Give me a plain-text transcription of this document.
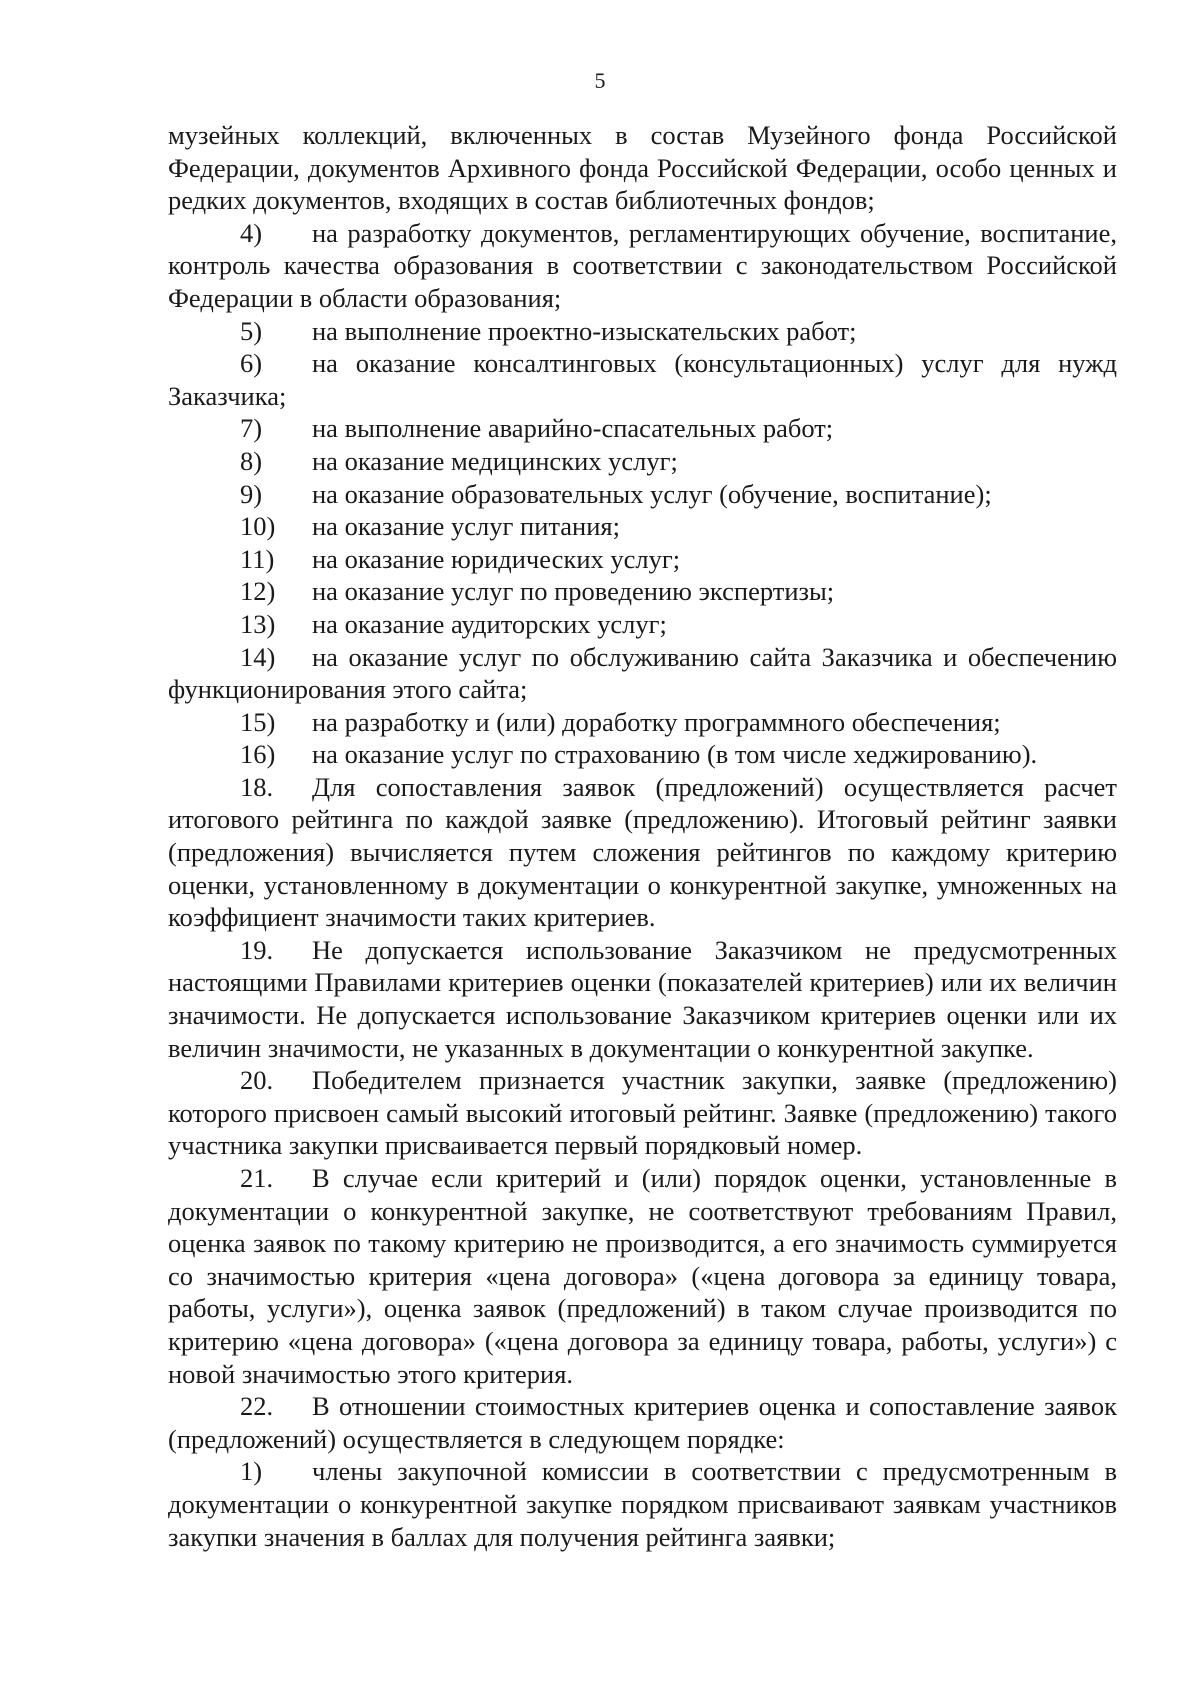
5

музейных коллекций, включенных в состав Музейного фонда Российской Федерации, документов Архивного фонда Российской Федерации, особо ценных и редких документов, входящих в состав библиотечных фондов;

4) на разработку документов, регламентирующих обучение, воспитание, контроль качества образования в соответствии с законодательством Российской Федерации в области образования;

5) на выполнение проектно-изыскательских работ;

6) на оказание консалтинговых (консультационных) услуг для нужд Заказчика;

7) на выполнение аварийно-спасательных работ;

8) на оказание медицинских услуг;

9) на оказание образовательных услуг (обучение, воспитание);

10) на оказание услуг питания;

11) на оказание юридических услуг;

12) на оказание услуг по проведению экспертизы;

13) на оказание аудиторских услуг;

14) на оказание услуг по обслуживанию сайта Заказчика и обеспечению функционирования этого сайта;

15) на разработку и (или) доработку программного обеспечения;

16) на оказание услуг по страхованию (в том числе хеджированию).

18. Для сопоставления заявок (предложений) осуществляется расчет итогового рейтинга по каждой заявке (предложению). Итоговый рейтинг заявки (предложения) вычисляется путем сложения рейтингов по каждому критерию оценки, установленному в документации о конкурентной закупке, умноженных на коэффициент значимости таких критериев.

19. Не допускается использование Заказчиком не предусмотренных настоящими Правилами критериев оценки (показателей критериев) или их величин значимости. Не допускается использование Заказчиком критериев оценки или их величин значимости, не указанных в документации о конкурентной закупке.

20. Победителем признается участник закупки, заявке (предложению) которого присвоен самый высокий итоговый рейтинг. Заявке (предложению) такого участника закупки присваивается первый порядковый номер.

21. В случае если критерий и (или) порядок оценки, установленные в документации о конкурентной закупке, не соответствуют требованиям Правил, оценка заявок по такому критерию не производится, а его значимость суммируется со значимостью критерия «цена договора» («цена договора за единицу товара, работы, услуги»), оценка заявок (предложений) в таком случае производится по критерию «цена договора» («цена договора за единицу товара, работы, услуги») с новой значимостью этого критерия.

22. В отношении стоимостных критериев оценка и сопоставление заявок (предложений) осуществляется в следующем порядке:

1) члены закупочной комиссии в соответствии с предусмотренным в документации о конкурентной закупке порядком присваивают заявкам участников закупки значения в баллах для получения рейтинга заявки;
